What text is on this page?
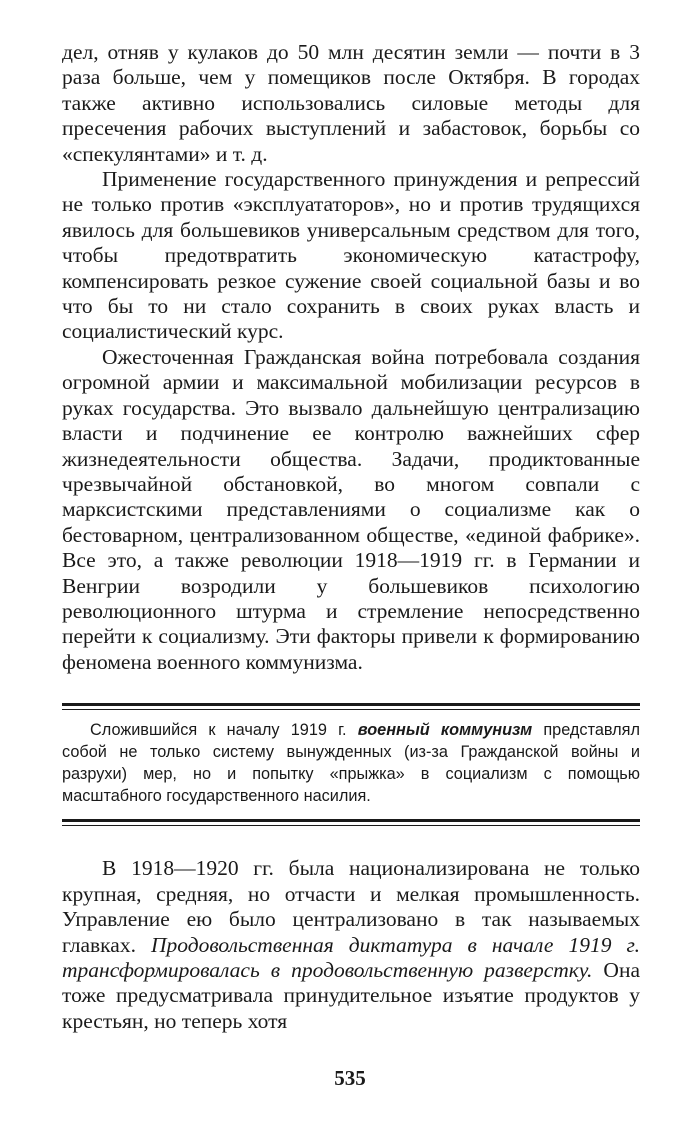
дел, отняв у кулаков до 50 млн десятин земли — почти в 3 раза больше, чем у помещиков после Октября. В городах также активно использовались силовые методы для пресечения рабочих выступлений и забастовок, борьбы со «спекулянтами» и т. д.

Применение государственного принуждения и репрессий не только против «эксплуататоров», но и против трудящихся явилось для большевиков универсальным средством для того, чтобы предотвратить экономическую катастрофу, компенсировать резкое сужение своей социальной базы и во что бы то ни стало сохранить в своих руках власть и социалистический курс.

Ожесточенная Гражданская война потребовала создания огромной армии и максимальной мобилизации ресурсов в руках государства. Это вызвало дальнейшую централизацию власти и подчинение ее контролю важнейших сфер жизнедеятельности общества. Задачи, продиктованные чрезвычайной обстановкой, во многом совпали с марксистскими представлениями о социализме как о бестоварном, централизованном обществе, «единой фабрике». Все это, а также революции 1918—1919 гг. в Германии и Венгрии возродили у большевиков психологию революционного штурма и стремление непосредственно перейти к социализму. Эти факторы привели к формированию феномена военного коммунизма.

Сложившийся к началу 1919 г. военный коммунизм представлял собой не только систему вынужденных (из-за Гражданской войны и разрухи) мер, но и попытку «прыжка» в социализм с помощью масштабного государственного насилия.

В 1918—1920 гг. была национализирована не только крупная, средняя, но отчасти и мелкая промышленность. Управление ею было централизовано в так называемых главках. Продовольственная диктатура в начале 1919 г. трансформировалась в продовольственную разверстку. Она тоже предусматривала принудительное изъятие продуктов у крестьян, но теперь хотя

535
